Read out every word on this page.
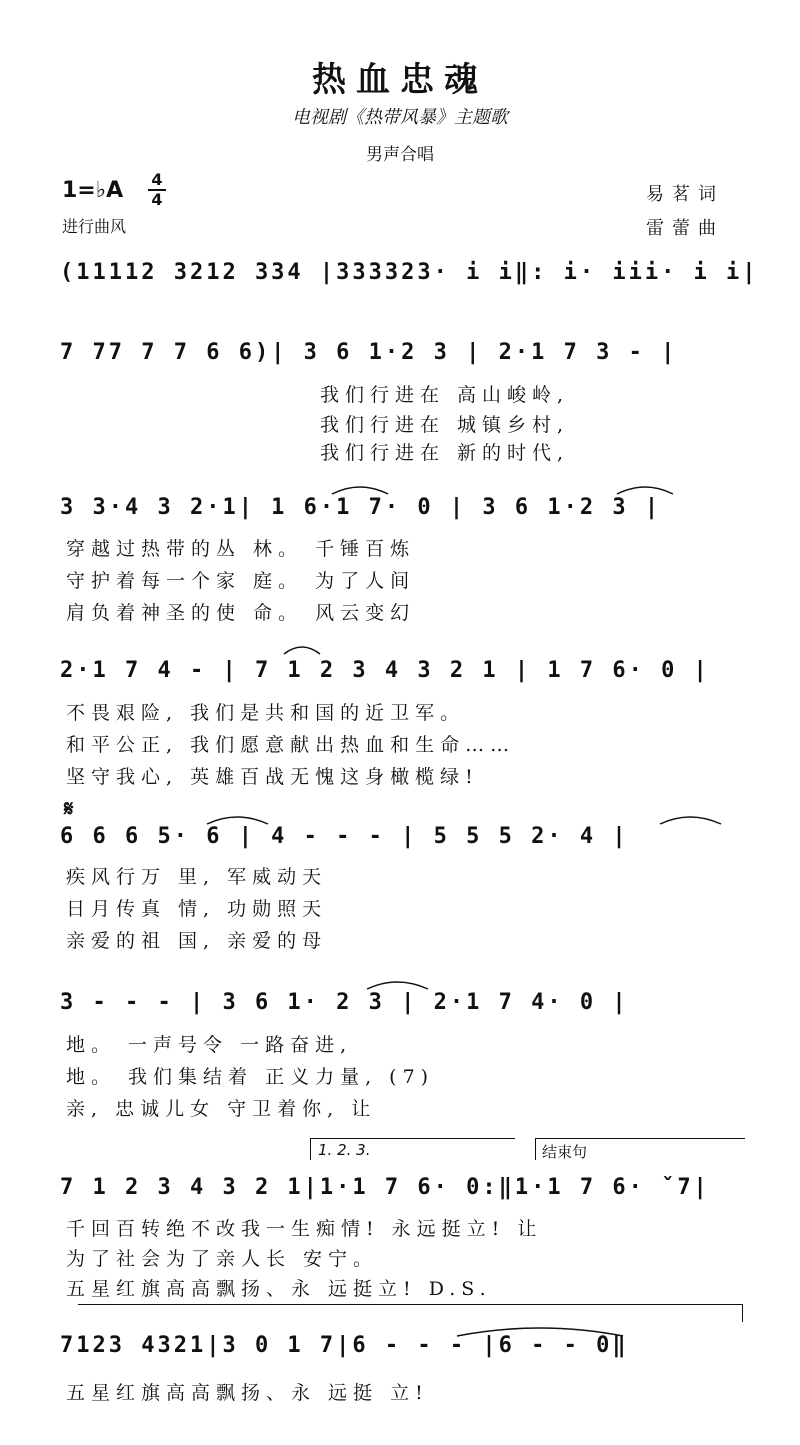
热血忠魂
电视剧《热带风暴》主题歌
男声合唱
1=♭A 4
4
进行曲风
易茗词
雷蕾曲
(11112 3212 334 |333323· i i‖: i· iii· i i|
7 77 7 7 6 6)| 3 6 1·2 3 | 2·1 7 3 - |
我们行进在 高山峻岭,
我们行进在 城镇乡村,
我们行进在 新的时代,
3 3·4 3 2·1| 1 6·1 7· 0 | 3 6 1·2 3 |
穿越过热带的丛 林。 千锤百炼
守护着每一个家 庭。 为了人间
肩负着神圣的使 命。 风云变幻
2·1 7 4 - | 7 1 2 3 4 3 2 1 | 1 7 6· 0 |
不畏艰险, 我们是共和国的近卫军。
和平公正, 我们愿意献出热血和生命……
坚守我心, 英雄百战无愧这身橄榄绿!
𝄋
6 6 6 5· 6 | 4 - - - | 5 5 5 2· 4 |
疾风行万 里, 军威动天
日月传真 情, 功勋照天
亲爱的祖 国, 亲爱的母
3 - - - | 3 6 1· 2 3 | 2·1 7 4· 0 |
地。 一声号令 一路奋进,
地。 我们集结着 正义力量, (7)
亲, 忠诚儿女 守卫着你, 让
1. 2. 3.	结束句
7 1 2 3 4 3 2 1|1·1 7 6· 0:‖1·1 7 6· ˇ7|
千回百转绝不改我一生痴情! 永远挺立! 让
为了社会为了亲人长 安宁。
五星红旗高高飘扬、永 远挺立! D.S.
7123 4321|3 0 1 7|6 - - - |6 - - 0‖
五星红旗高高飘扬、永 远挺 立!
